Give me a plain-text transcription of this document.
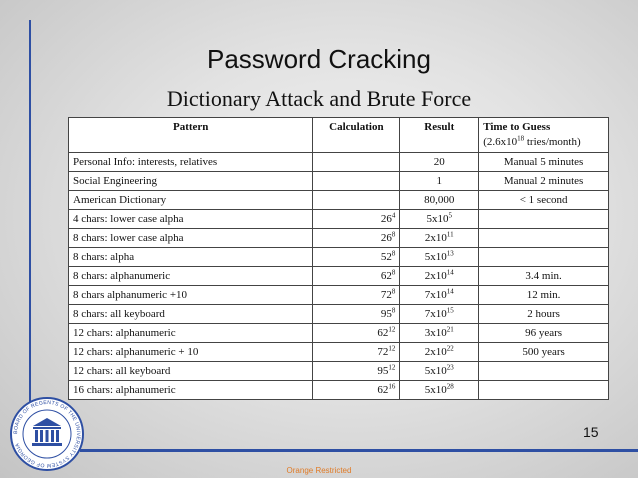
Password Cracking
Dictionary Attack and Brute Force
Pattern	Calculation	Result	Time to Guess
($2.6x10^{18}$ tries/month)

Personal Info: interests, relatives		20	Manual 5 minutes
Social Engineering		1	Manual 2 minutes
American Dictionary		80,000	< 1 second
4 chars: lower case alpha	$26^4$	$5x10^5$	
8 chars: lower case alpha	$26^8$	$2x10^{11}$	
8 chars: alpha	$52^8$	$5x10^{13}$	
8 chars: alphanumeric	$62^8$	$2x10^{14}$	3.4 min.
8 chars alphanumeric +10	$72^8$	$7x10^{14}$	12 min.
8 chars: all keyboard	$95^8$	$7x10^{15}$	2 hours
12 chars: alphanumeric	$62^{12}$	$3x10^{21}$	96 years
12 chars: alphanumeric + 10	$72^{12}$	$2x10^{22}$	500 years
12 chars: all keyboard	$95^{12}$	$5x10^{23}$	
16 chars: alphanumeric	$62^{16}$	$5x10^{28}$	
BOARD OF REGENTS OF THE UNIVERSITY SYSTEM OF GEORGIA
15
Orange Restricted
